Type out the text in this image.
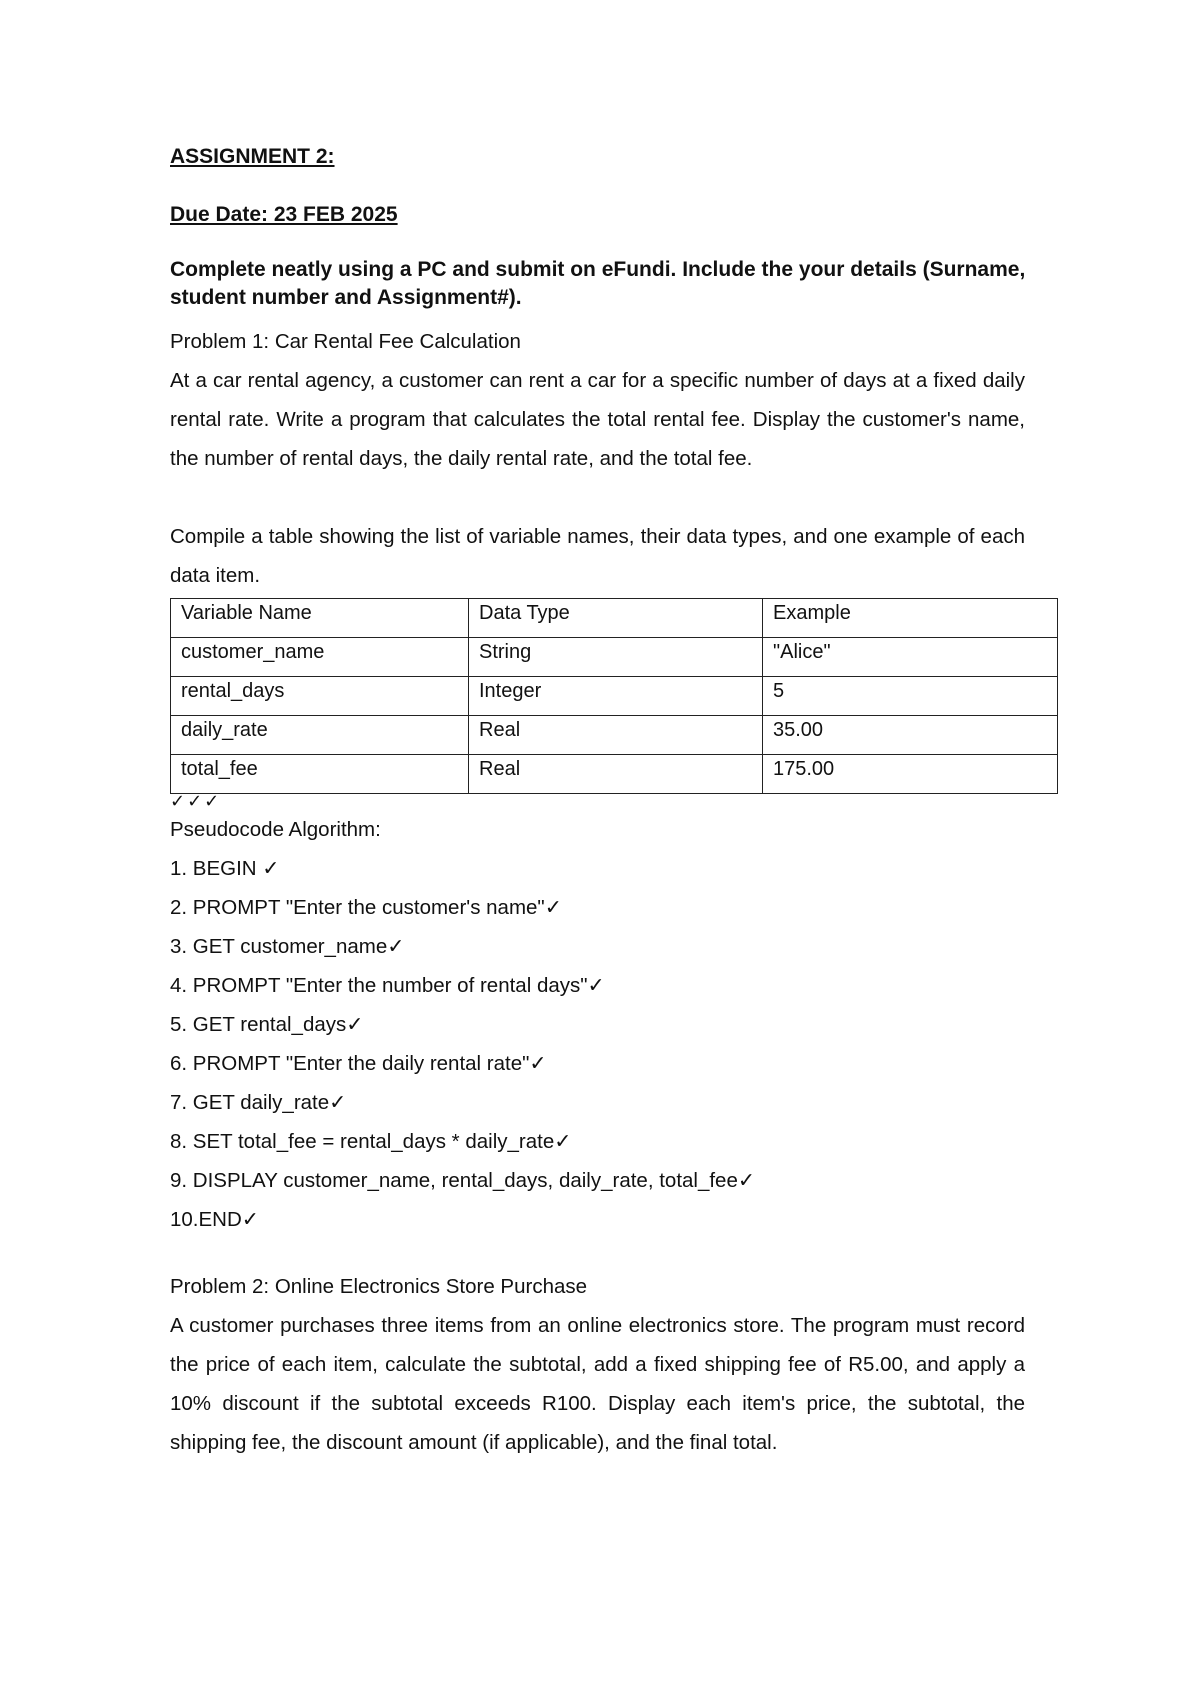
ASSIGNMENT 2:

Due Date: 23 FEB 2025

Complete neatly using a PC and submit on eFundi. Include the your details (Surname, student number and Assignment#).

Problem 1: Car Rental Fee Calculation

At a car rental agency, a customer can rent a car for a specific number of days at a fixed daily rental rate. Write a program that calculates the total rental fee. Display the customer's name, the number of rental days, the daily rental rate, and the total fee.

Compile a table showing the list of variable names, their data types, and one example of each data item.

Variable Name	Data Type	Example
customer_name	String	"Alice"
rental_days	Integer	5
daily_rate	Real	35.00
total_fee	Real	175.00

✓✓✓

Pseudocode Algorithm:

1. BEGIN ✓
2. PROMPT "Enter the customer's name"✓
3. GET customer_name✓
4. PROMPT "Enter the number of rental days"✓
5. GET rental_days✓
6. PROMPT "Enter the daily rental rate"✓
7. GET daily_rate✓
8. SET total_fee = rental_days * daily_rate✓
9. DISPLAY customer_name, rental_days, daily_rate, total_fee✓
10.END✓

Problem 2: Online Electronics Store Purchase

A customer purchases three items from an online electronics store. The program must record the price of each item, calculate the subtotal, add a fixed shipping fee of R5.00, and apply a 10% discount if the subtotal exceeds R100. Display each item's price, the subtotal, the shipping fee, the discount amount (if applicable), and the final total.
